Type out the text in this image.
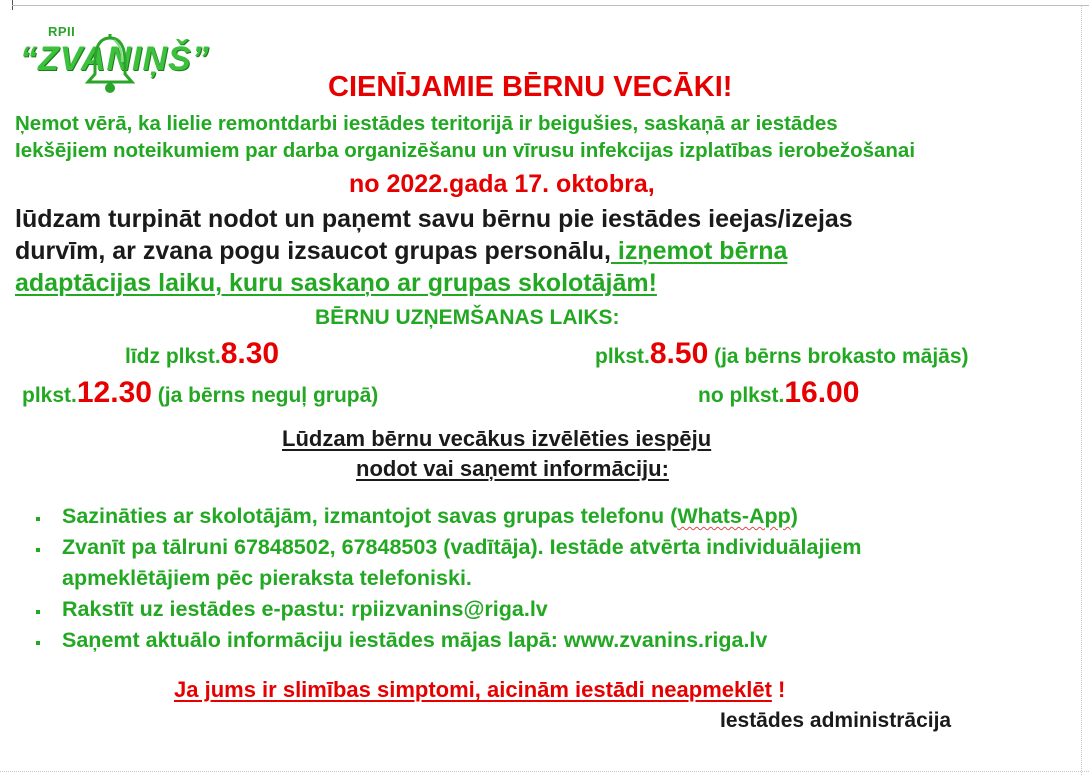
RPII
“ZVANIŅŠ”
CIENĪJAMIE BĒRNU VECĀKI!
Ņemot vērā, ka lielie remontdarbi iestādes teritorijā ir beigušies, saskaņā ar iestādes
Iekšējiem noteikumiem par darba organizēšanu un vīrusu infekcijas izplatības ierobežošanai
no 2022.gada 17. oktobra,
lūdzam turpināt nodot un paņemt savu bērnu pie iestādes ieejas/izejas
durvīm, ar zvana pogu izsaucot grupas personālu, izņemot bērna
adaptācijas laiku, kuru saskaņo ar grupas skolotājām!
BĒRNU UZŅEMŠANAS LAIKS:
līdz plkst.8.30	plkst.8.50 (ja bērns brokasto mājās)
plkst.12.30 (ja bērns neguļ grupā)	no plkst.16.00
Lūdzam bērnu vecākus izvēlēties iespēju
nodot vai saņemt informāciju:
Sazināties ar skolotājām, izmantojot savas grupas telefonu (Whats-App)
Zvanīt pa tālruni 67848502, 67848503 (vadītāja). Iestāde atvērta individuālajiem
apmeklētājiem pēc pieraksta telefoniski.
Rakstīt uz iestādes e-pastu: rpiizvanins@riga.lv
Saņemt aktuālo informāciju iestādes mājas lapā: www.zvanins.riga.lv
Ja jums ir slimības simptomi, aicinām iestādi neapmeklēt !
Iestādes administrācija
